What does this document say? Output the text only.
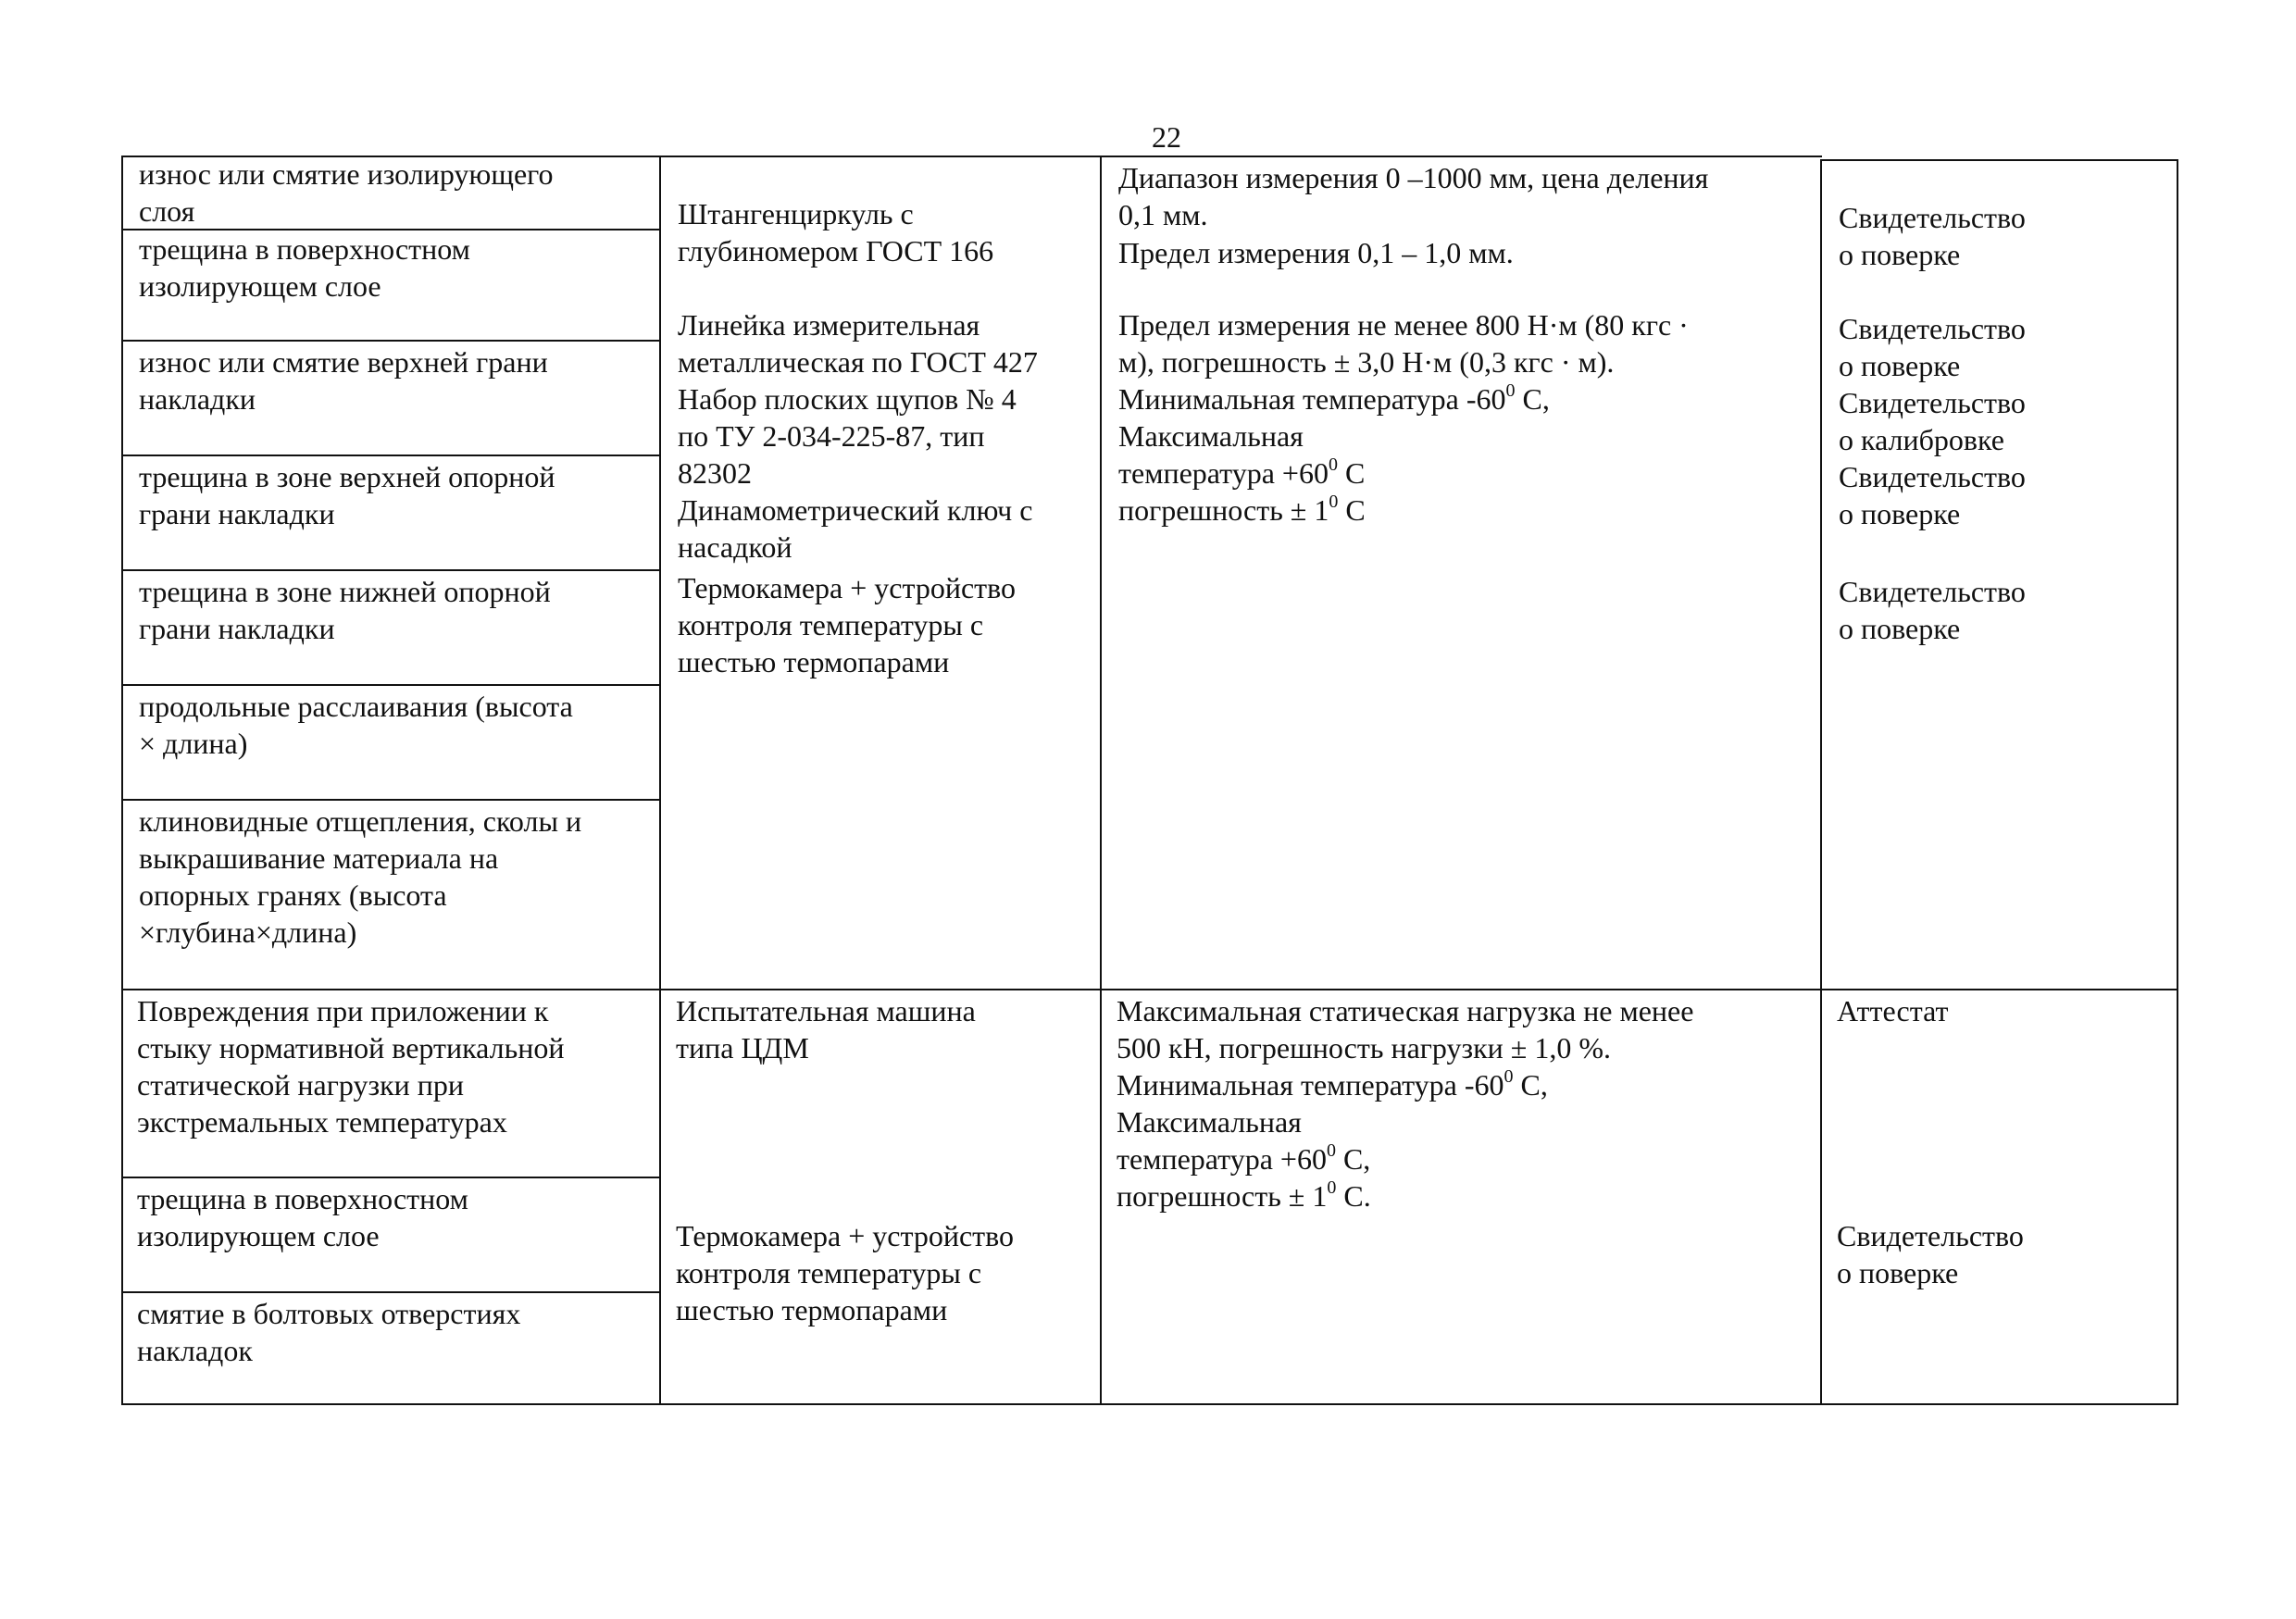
22
износ или смятие изолирующего
слоя
трещина в поверхностном
изолирующем слое
износ или смятие верхней грани
накладки
трещина в зоне верхней опорной
грани накладки
трещина в зоне нижней опорной
грани накладки
продольные расслаивания (высота
× длина)
клиновидные отщепления, сколы и
выкрашивание материала на
опорных гранях (высота
×глубина×длина)
Штангенциркуль с
глубиномером ГОСТ 166
Линейка измерительная
металлическая по ГОСТ 427
Набор плоских щупов № 4
по ТУ 2-034-225-87, тип
82302
Динамометрический ключ с
насадкой
Термокамера + устройство
контроля температуры с
шестью термопарами
Диапазон измерения 0 –1000 мм, цена деления
0,1 мм.
Предел измерения 0,1 – 1,0 мм.
Предел измерения не менее 800 Н·м (80 кгс ·
м), погрешность ± 3,0 Н·м (0,3 кгс · м).
Минимальная температура $-60^0$ С,
Максимальная
температура $+60^0$ С
погрешность ± $1^0$ С
Свидетельство
о поверке
Свидетельство
о поверке
Свидетельство
о калибровке
Свидетельство
о поверке
Свидетельство
о поверке
Повреждения при приложении к
стыку нормативной вертикальной
статической нагрузки при
экстремальных температурах
трещина в поверхностном
изолирующем слое
смятие в болтовых отверстиях
накладок
Испытательная машина
типа ЦДМ
Термокамера + устройство
контроля температуры с
шестью термопарами
Максимальная статическая нагрузка не менее
500 кН, погрешность нагрузки ± 1,0 %.
Минимальная температура $-60^0$ С,
Максимальная
температура $+60^0$ С,
погрешность ± $1^0$ С.
Аттестат
Свидетельство
о поверке
